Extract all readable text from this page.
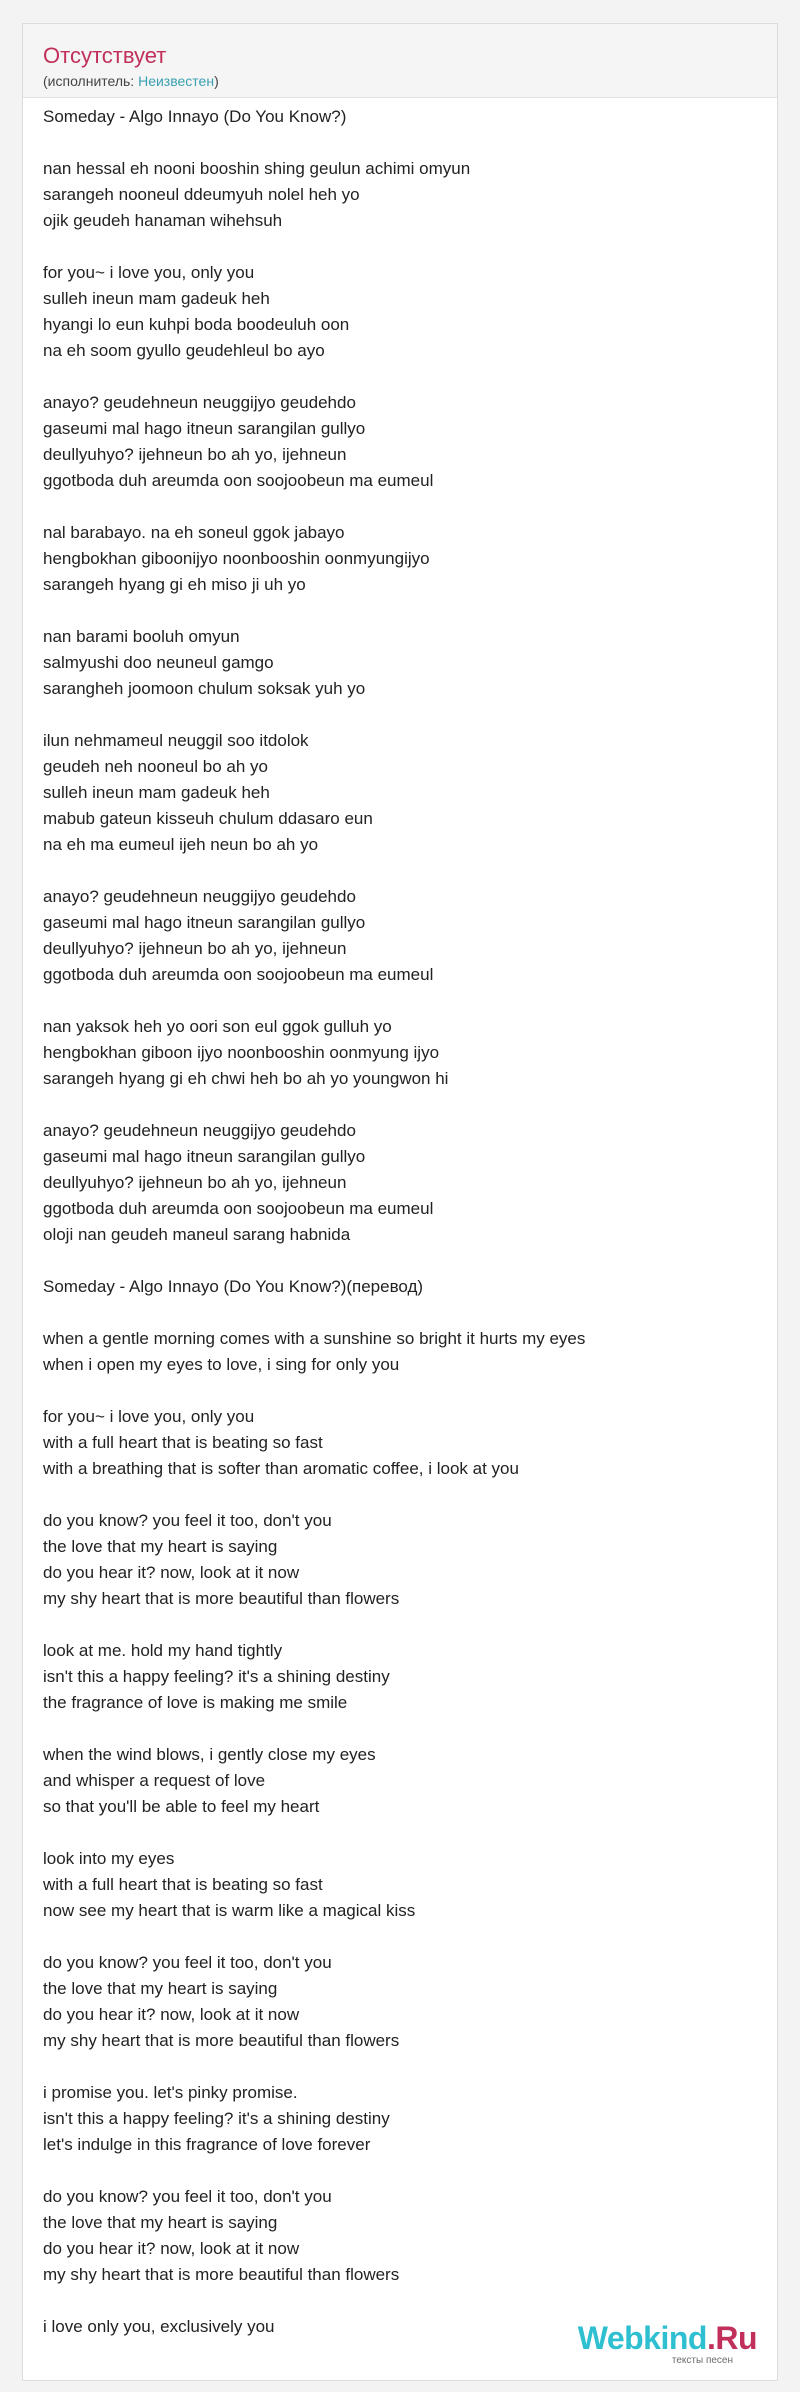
Отсутствует
(исполнитель: Неизвестен)
Someday - Algo Innayo (Do You Know?)
nan hessal eh nooni booshin shing geulun achimi omyun
sarangeh nooneul ddeumyuh nolel heh yo
ojik geudeh hanaman wihehsuh
for you~ i love you, only you
sulleh ineun mam gadeuk heh
hyangi lo eun kuhpi boda boodeuluh oon
na eh soom gyullo geudehleul bo ayo
anayo? geudehneun neuggijyo geudehdo
gaseumi mal hago itneun sarangilan gullyo
deullyuhyo? ijehneun bo ah yo, ijehneun
ggotboda duh areumda oon soojoobeun ma eumeul
nal barabayo. na eh soneul ggok jabayo
hengbokhan giboonijyo noonbooshin oonmyungijyo
sarangeh hyang gi eh miso ji uh yo
nan barami booluh omyun
salmyushi doo neuneul gamgo
sarangheh joomoon chulum soksak yuh yo
ilun nehmameul neuggil soo itdolok
geudeh neh nooneul bo ah yo
sulleh ineun mam gadeuk heh
mabub gateun kisseuh chulum ddasaro eun
na eh ma eumeul ijeh neun bo ah yo
anayo? geudehneun neuggijyo geudehdo
gaseumi mal hago itneun sarangilan gullyo
deullyuhyo? ijehneun bo ah yo, ijehneun
ggotboda duh areumda oon soojoobeun ma eumeul
nan yaksok heh yo oori son eul ggok gulluh yo
hengbokhan giboon ijyo noonbooshin oonmyung ijyo
sarangeh hyang gi eh chwi heh bo ah yo youngwon hi
anayo? geudehneun neuggijyo geudehdo
gaseumi mal hago itneun sarangilan gullyo
deullyuhyo? ijehneun bo ah yo, ijehneun
ggotboda duh areumda oon soojoobeun ma eumeul
oloji nan geudeh maneul sarang habnida
Someday - Algo Innayo (Do You Know?)(перевод)
when a gentle morning comes with a sunshine so bright it hurts my eyes
when i open my eyes to love, i sing for only you
for you~ i love you, only you
with a full heart that is beating so fast
with a breathing that is softer than aromatic coffee, i look at you
do you know? you feel it too, don't you
the love that my heart is saying
do you hear it? now, look at it now
my shy heart that is more beautiful than flowers
look at me. hold my hand tightly
isn't this a happy feeling? it's a shining destiny
the fragrance of love is making me smile
when the wind blows, i gently close my eyes
and whisper a request of love
so that you'll be able to feel my heart
look into my eyes
with a full heart that is beating so fast
now see my heart that is warm like a magical kiss
do you know? you feel it too, don't you
the love that my heart is saying
do you hear it? now, look at it now
my shy heart that is more beautiful than flowers
i promise you. let's pinky promise.
isn't this a happy feeling? it's a shining destiny
let's indulge in this fragrance of love forever
do you know? you feel it too, don't you
the love that my heart is saying
do you hear it? now, look at it now
my shy heart that is more beautiful than flowers
i love only you, exclusively you	Webkind.Ru
тексты песен
